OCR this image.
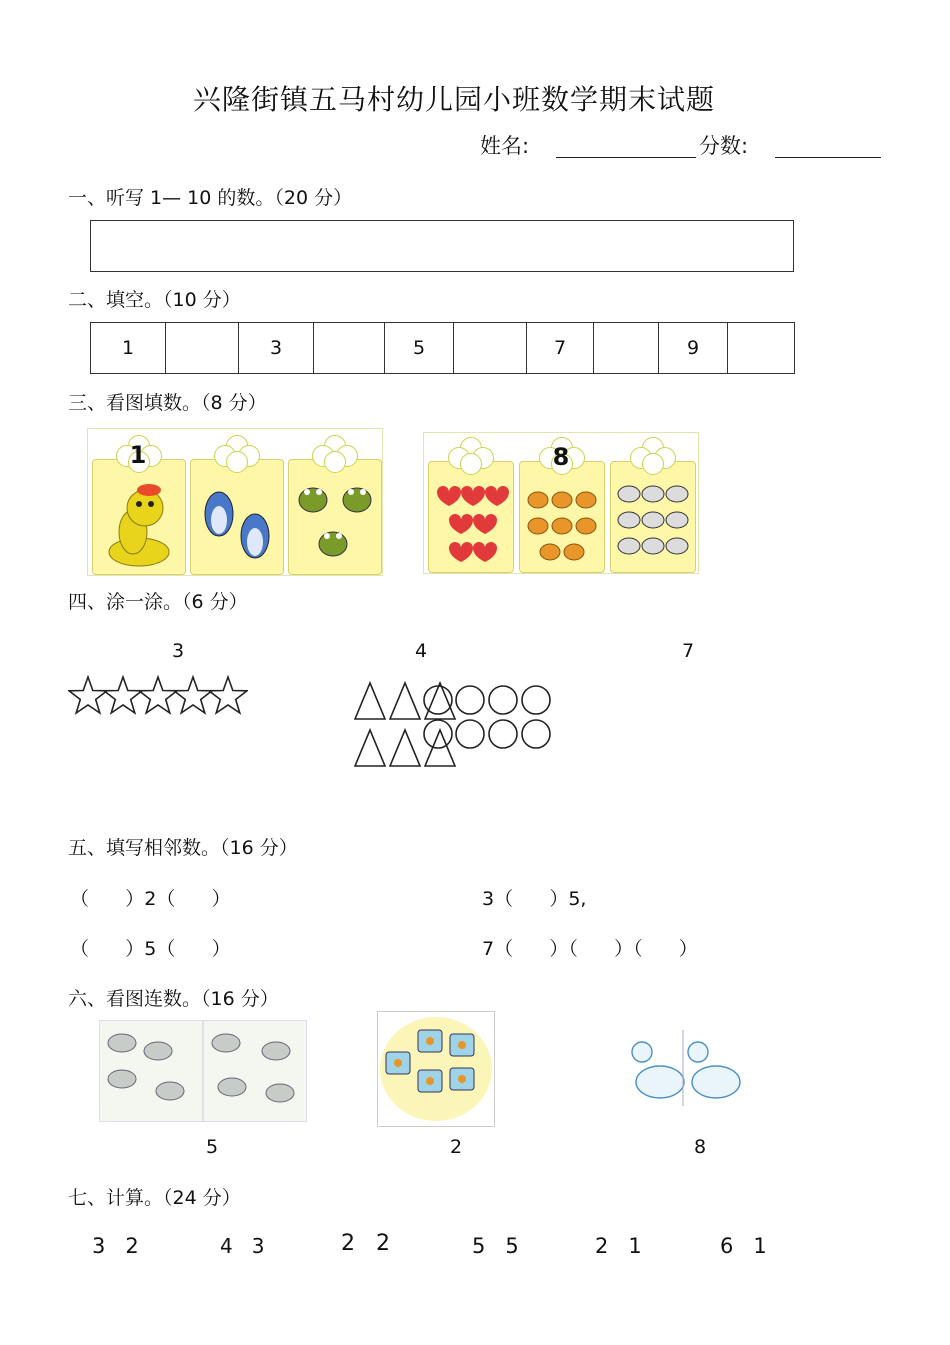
兴隆街镇五马村幼儿园小班数学期末试题
姓名:	分数:
一、听写 1— 10 的数。（20 分）
二、填空。（10 分）
1		3		5		7		9	
三、看图填数。（8 分）
1	8
四、涂一涂。（6 分）
3	4	7
五、填写相邻数。（16 分）
（      ）2（      ）	3（      ）5,
（      ）5（      ）	7（      ）（      ）（      ）
六、看图连数。（16 分）
5	2	8
七、计算。（24 分）
3   2	4   3	2   2	5   5	2   1	6   1
